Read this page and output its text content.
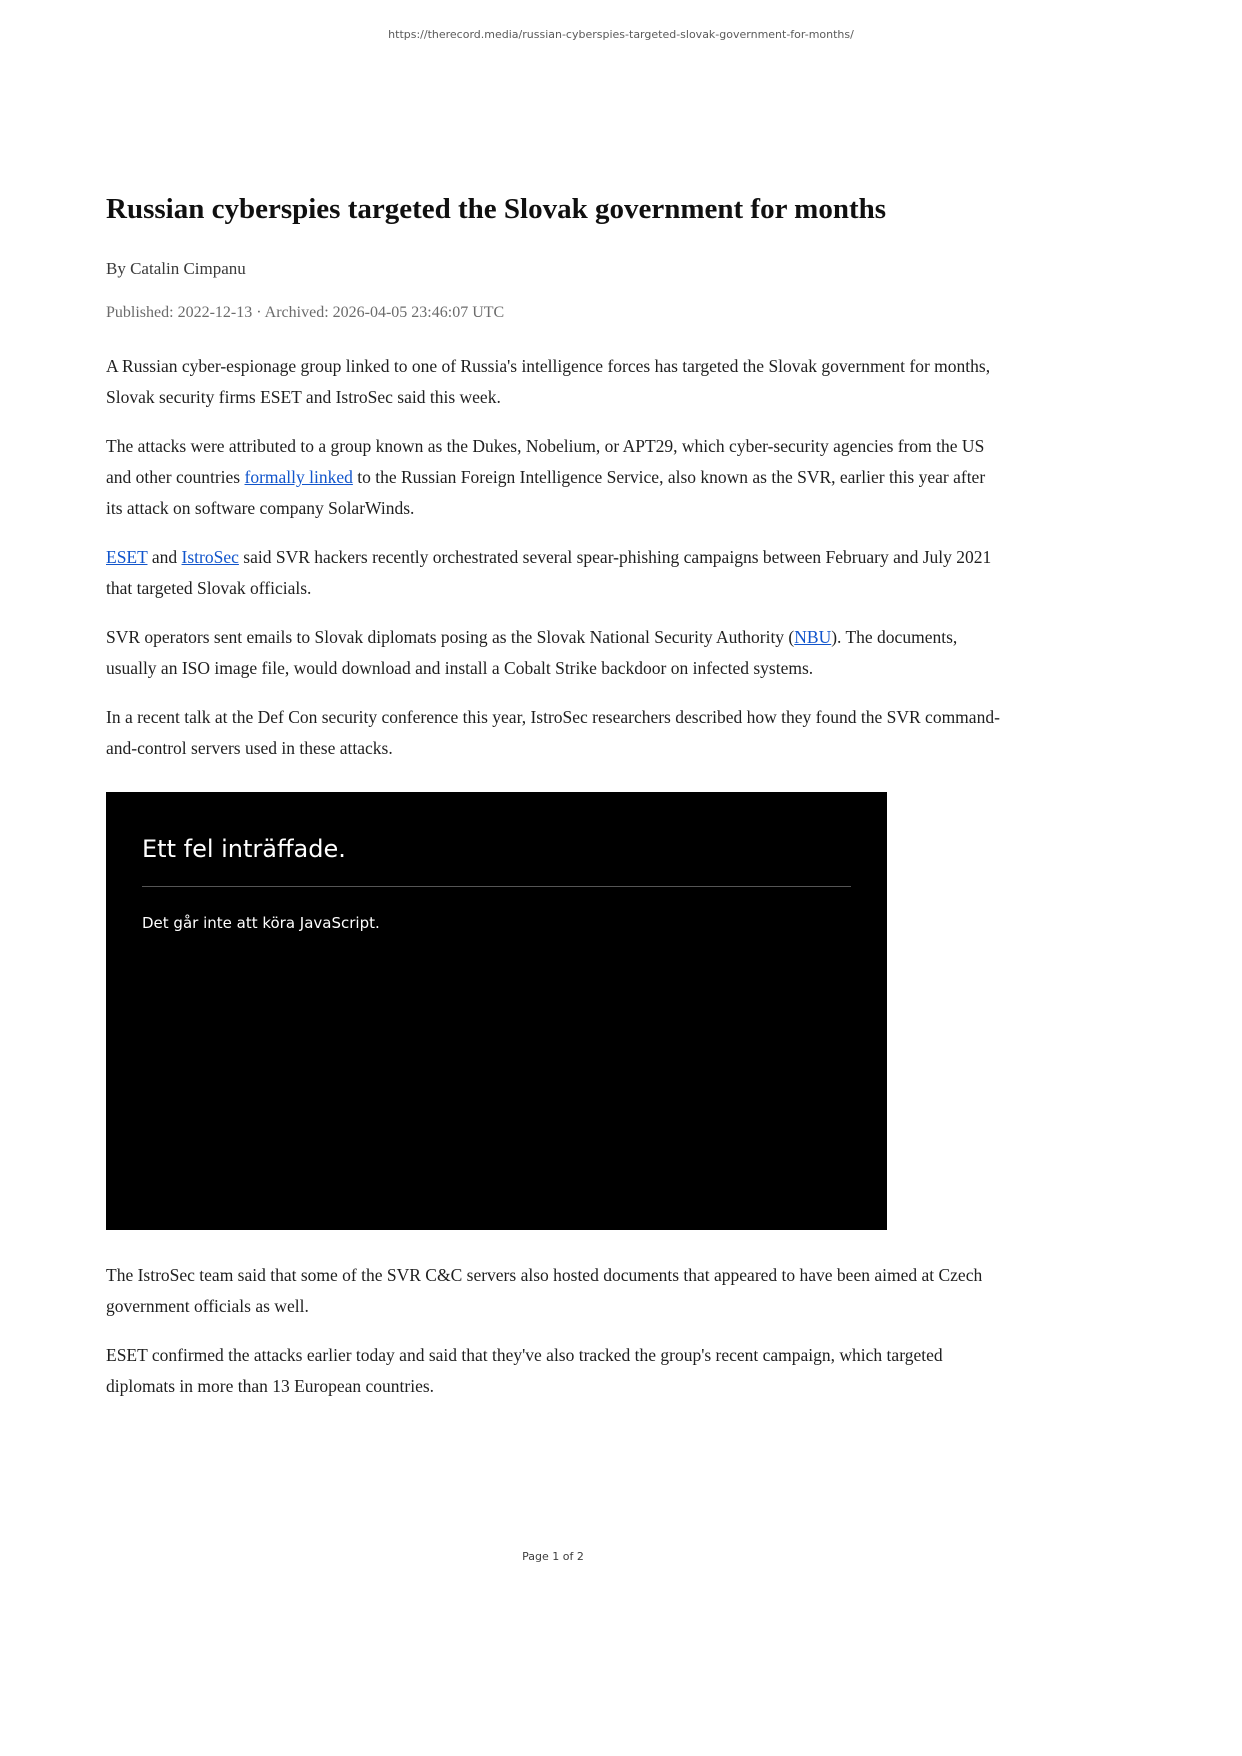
https://therecord.media/russian-cyberspies-targeted-slovak-government-for-months/
Russian cyberspies targeted the Slovak government for months
By Catalin Cimpanu
Published: 2022-12-13 · Archived: 2026-04-05 23:46:07 UTC

A Russian cyber-espionage group linked to one of Russia's intelligence forces has targeted the Slovak government for months, Slovak security firms ESET and IstroSec said this week.

The attacks were attributed to a group known as the Dukes, Nobelium, or APT29, which cyber-security agencies from the US and other countries formally linked to the Russian Foreign Intelligence Service, also known as the SVR, earlier this year after its attack on software company SolarWinds.

ESET and IstroSec said SVR hackers recently orchestrated several spear-phishing campaigns between February and July 2021 that targeted Slovak officials.

SVR operators sent emails to Slovak diplomats posing as the Slovak National Security Authority (NBU). The documents, usually an ISO image file, would download and install a Cobalt Strike backdoor on infected systems.

In a recent talk at the Def Con security conference this year, IstroSec researchers described how they found the SVR command-and-control servers used in these attacks.

Ett fel inträffade.
Det går inte att köra JavaScript.

The IstroSec team said that some of the SVR C&C servers also hosted documents that appeared to have been aimed at Czech government officials as well.

ESET confirmed the attacks earlier today and said that they've also tracked the group's recent campaign, which targeted diplomats in more than 13 European countries.

Page 1 of 2
